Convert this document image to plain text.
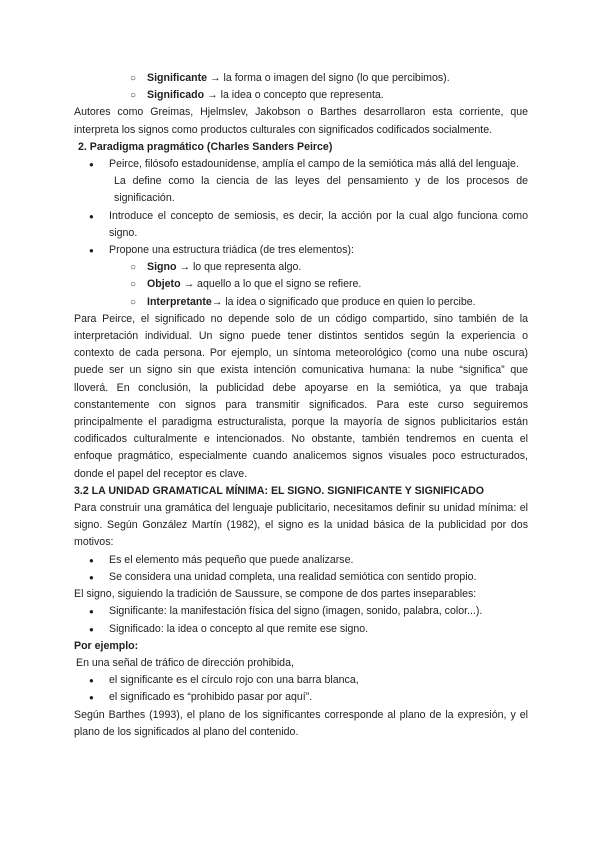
○ Significante → la forma o imagen del signo (lo que percibimos).

○ Significado → la idea o concepto que representa.

Autores como Greimas, Hjelmslev, Jakobson o Barthes desarrollaron esta corriente, que interpreta los signos como productos culturales con significados codificados socialmente.

2. Paradigma pragmático (Charles Sanders Peirce)

● Peirce, filósofo estadounidense, amplía el campo de la semiótica más allá del lenguaje.

La define como la ciencia de las leyes del pensamiento y de los procesos de significación.

● Introduce el concepto de semiosis, es decir, la acción por la cual algo funciona como signo.

● Propone una estructura triádica (de tres elementos):

○ Signo → lo que representa algo.

○ Objeto → aquello a lo que el signo se refiere.

○ Interpretante→ la idea o significado que produce en quien lo percibe.

Para Peirce, el significado no depende solo de un código compartido, sino también de la interpretación individual. Un signo puede tener distintos sentidos según la experiencia o contexto de cada persona. Por ejemplo, un síntoma meteorológico (como una nube oscura) puede ser un signo sin que exista intención comunicativa humana: la nube “significa” que lloverá. En conclusión, la publicidad debe apoyarse en la semiótica, ya que trabaja constantemente con signos para transmitir significados. Para este curso seguiremos principalmente el paradigma estructuralista, porque la mayoría de signos publicitarios están codificados culturalmente e intencionados. No obstante, también tendremos en cuenta el enfoque pragmático, especialmente cuando analicemos signos visuales poco estructurados, donde el papel del receptor es clave.

3.2 LA UNIDAD GRAMATICAL MÍNIMA: EL SIGNO. SIGNIFICANTE Y SIGNIFICADO

Para construir una gramática del lenguaje publicitario, necesitamos definir su unidad mínima: el signo. Según González Martín (1982), el signo es la unidad básica de la publicidad por dos motivos:

● Es el elemento más pequeño que puede analizarse.

● Se considera una unidad completa, una realidad semiótica con sentido propio.

El signo, siguiendo la tradición de Saussure, se compone de dos partes inseparables:

● Significante: la manifestación física del signo (imagen, sonido, palabra, color...).

● Significado: la idea o concepto al que remite ese signo.

Por ejemplo:

En una señal de tráfico de dirección prohibida,

● el significante es el círculo rojo con una barra blanca,

● el significado es “prohibido pasar por aquí”.

Según Barthes (1993), el plano de los significantes corresponde al plano de la expresión, y el plano de los significados al plano del contenido.
